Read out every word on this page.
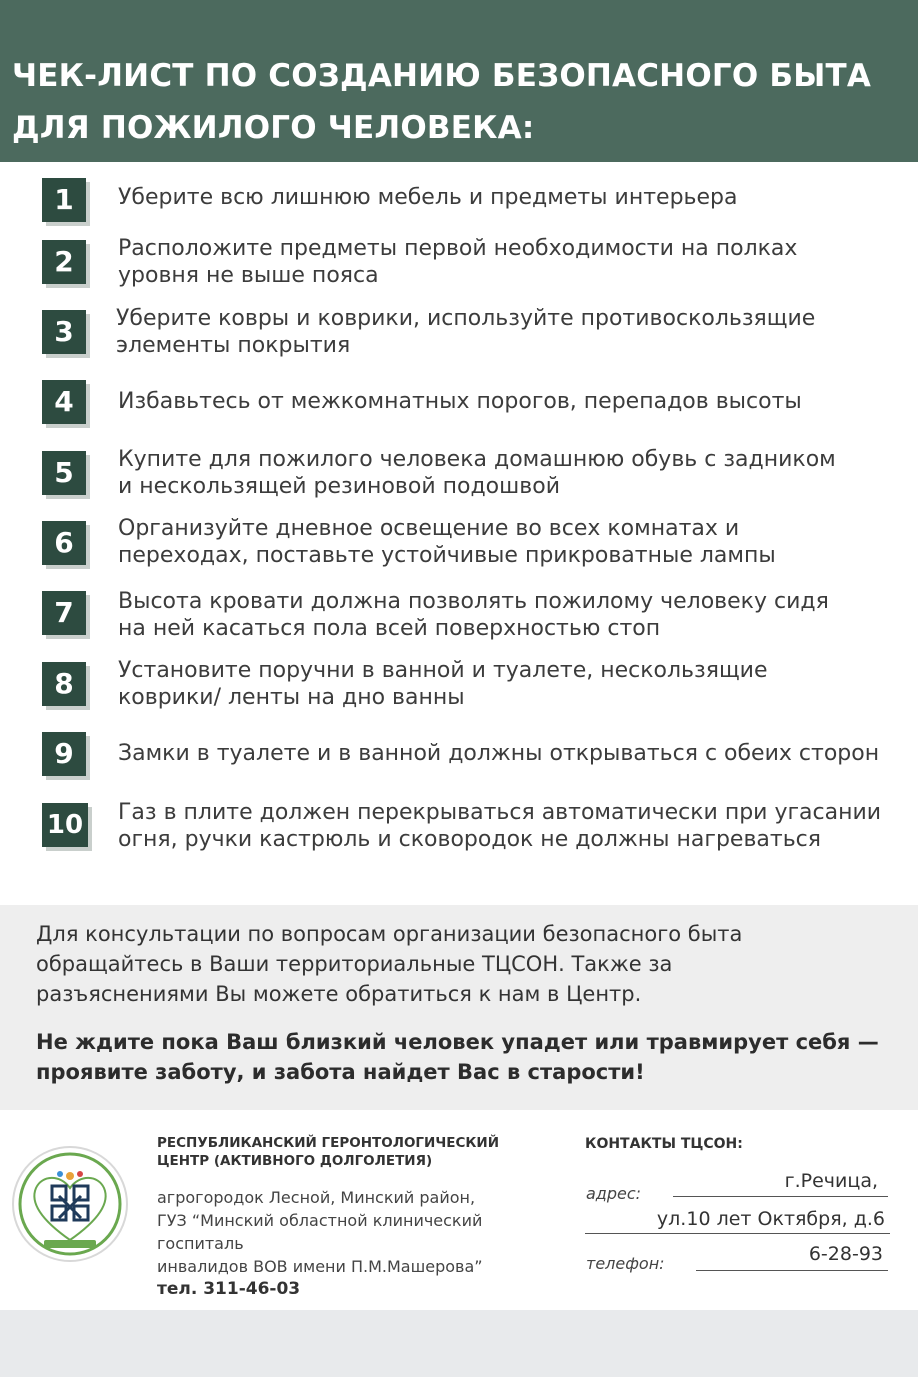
ЧЕК-ЛИСТ ПО СОЗДАНИЮ БЕЗОПАСНОГО БЫТА
ДЛЯ ПОЖИЛОГО ЧЕЛОВЕКА:
1	Уберите всю лишнюю мебель и предметы интерьера
2	Расположите предметы первой необходимости на полках
уровня не выше пояса
3	Уберите ковры и коврики, используйте противоскользящие
элементы покрытия
4	Избавьтесь от межкомнатных порогов, перепадов высоты
5	Купите для пожилого человека домашнюю обувь с задником
и нескользящей резиновой подошвой
6	Организуйте дневное освещение во всех комнатах и
переходах, поставьте устойчивые прикроватные лампы
7	Высота кровати должна позволять пожилому человеку сидя
на ней касаться пола всей поверхностью стоп
8	Установите поручни в ванной и туалете, нескользящие
коврики/ ленты на дно ванны
9	Замки в туалете и в ванной должны открываться с обеих сторон
10 Газ в плите должен перекрываться автоматически при угасании
огня, ручки кастрюль и сковородок не должны нагреваться
Для консультации по вопросам организации безопасного быта
обращайтесь в Ваши территориальные ТЦСОН. Также за
разъяснениями Вы можете обратиться к нам в Центр.
Не ждите пока Ваш близкий человек упадет или травмирует себя —
проявите заботу, и забота найдет Вас в старости!
РЕСПУБЛИКАНСКИЙ ГЕРОНТОЛОГИЧЕСКИЙ
ЦЕНТР (АКТИВНОГО ДОЛГОЛЕТИЯ)
агрогородок Лесной, Минский район,
ГУЗ “Минский областной клинический
госпиталь
инвалидов ВОВ имени П.М.Машерова”
тел. 311-46-03
КОНТАКТЫ ТЦСОН:
адрес:
г.Речица,
ул.10 лет Октября, д.6
телефон:	6-28-93
